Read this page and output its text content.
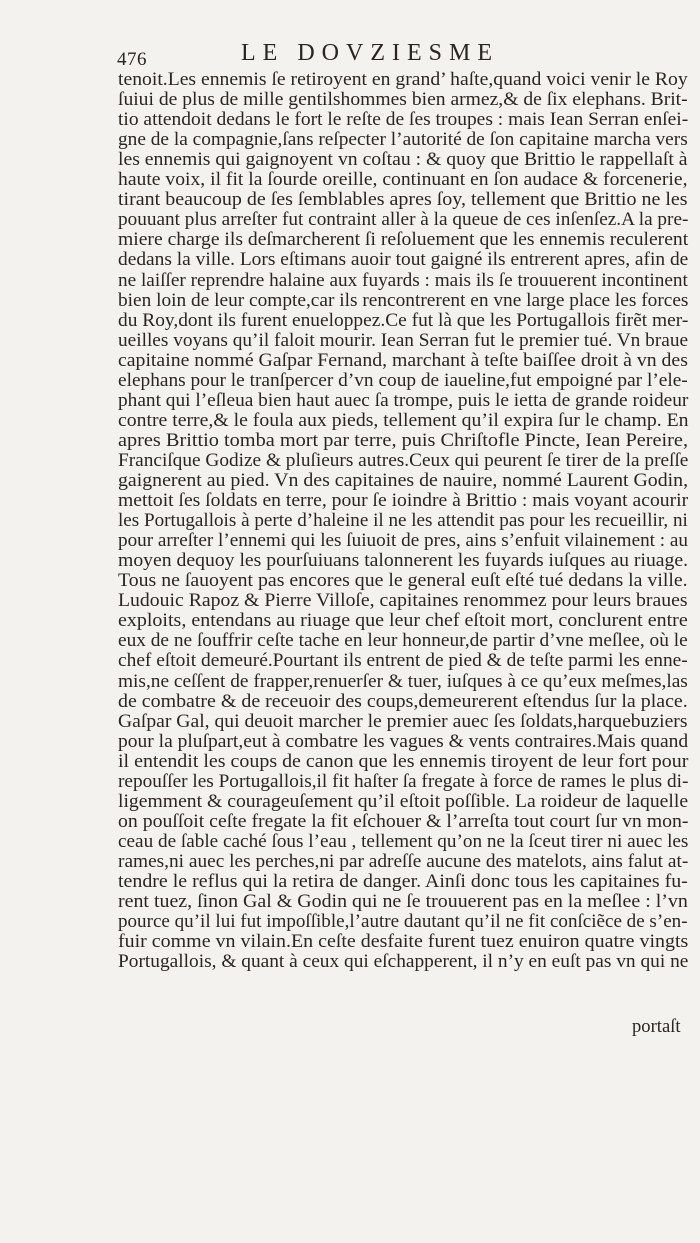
476	LE DOVZIESME
tenoit.Les ennemis ſe retiroyent en grand’ haſte,quand voici venir le Roy
ſuiui de plus de mille gentilshommes bien armez,& de ſix elephans. Brit-
tio attendoit dedans le fort le reſte de ſes troupes : mais Iean Serran enſei-
gne de la compagnie,ſans reſpecter l’autorité de ſon capitaine marcha vers
les ennemis qui gaignoyent vn coſtau : & quoy que Brittio le rappellaſt à
haute voix, il fit la ſourde oreille, continuant en ſon audace & forcenerie,
tirant beaucoup de ſes ſemblables apres ſoy, tellement que Brittio ne les
pouuant plus arreſter fut contraint aller à la queue de ces inſenſez.A la pre-
miere charge ils deſmarcherent ſi reſoluement que les ennemis reculerent
dedans la ville. Lors eſtimans auoir tout gaigné ils entrerent apres, afin de
ne laiſſer reprendre halaine aux fuyards : mais ils ſe trouuerent incontinent
bien loin de leur compte,car ils rencontrerent en vne large place les forces
du Roy,dont ils furent enueloppez.Ce fut là que les Portugallois firẽt mer-
ueilles voyans qu’il faloit mourir. Iean Serran fut le premier tué. Vn braue
capitaine nommé Gaſpar Fernand, marchant à teſte baiſſee droit à vn des
elephans pour le tranſpercer d’vn coup de iaueline,fut empoigné par l’ele-
phant qui l’eſleua bien haut auec ſa trompe, puis le ietta de grande roideur
contre terre,& le foula aux pieds, tellement qu’il expira ſur le champ. En
apres Brittio tomba mort par terre, puis Chriſtofle Pincte, Iean Pereire,
Franciſque Godize & pluſieurs autres.Ceux qui peurent ſe tirer de la preſſe
gaignerent au pied. Vn des capitaines de nauire, nommé Laurent Godin,
mettoit ſes ſoldats en terre, pour ſe ioindre à Brittio : mais voyant acourir
les Portugallois à perte d’haleine il ne les attendit pas pour les recueillir, ni
pour arreſter l’ennemi qui les ſuiuoit de pres, ains s’enfuit vilainement : au
moyen dequoy les pourſuiuans talonnerent les fuyards iuſques au riuage.
Tous ne ſauoyent pas encores que le general euſt eſté tué dedans la ville.
Ludouic Rapoz & Pierre Villoſe, capitaines renommez pour leurs braues
exploits, entendans au riuage que leur chef eſtoit mort, conclurent entre
eux de ne ſouffrir ceſte tache en leur honneur,de partir d’vne meſlee, où le
chef eſtoit demeuré.Pourtant ils entrent de pied & de teſte parmi les enne-
mis,ne ceſſent de frapper,renuerſer & tuer, iuſques à ce qu’eux meſmes,las
de combatre & de receuoir des coups,demeurerent eſtendus ſur la place.
Gaſpar Gal, qui deuoit marcher le premier auec ſes ſoldats,harquebuziers
pour la pluſpart,eut à combatre les vagues & vents contraires.Mais quand
il entendit les coups de canon que les ennemis tiroyent de leur fort pour
repouſſer les Portugallois,il fit haſter ſa fregate à force de rames le plus di-
ligemment & courageuſement qu’il eſtoit poſſible. La roideur de laquelle
on pouſſoit ceſte fregate la fit eſchouer & l’arreſta tout court ſur vn mon-
ceau de ſable caché ſous l’eau , tellement qu’on ne la ſceut tirer ni auec les
rames,ni auec les perches,ni par adreſſe aucune des matelots, ains falut at-
tendre le reflus qui la retira de danger. Ainſi donc tous les capitaines fu-
rent tuez, ſinon Gal & Godin qui ne ſe trouuerent pas en la meſlee : l’vn
pource qu’il lui fut impoſſible,l’autre dautant qu’il ne fit conſciẽce de s’en-
fuir comme vn vilain.En ceſte desfaite furent tuez enuiron quatre vingts
Portugallois, & quant à ceux qui eſchapperent, il n’y en euſt pas vn qui ne
portaſt
